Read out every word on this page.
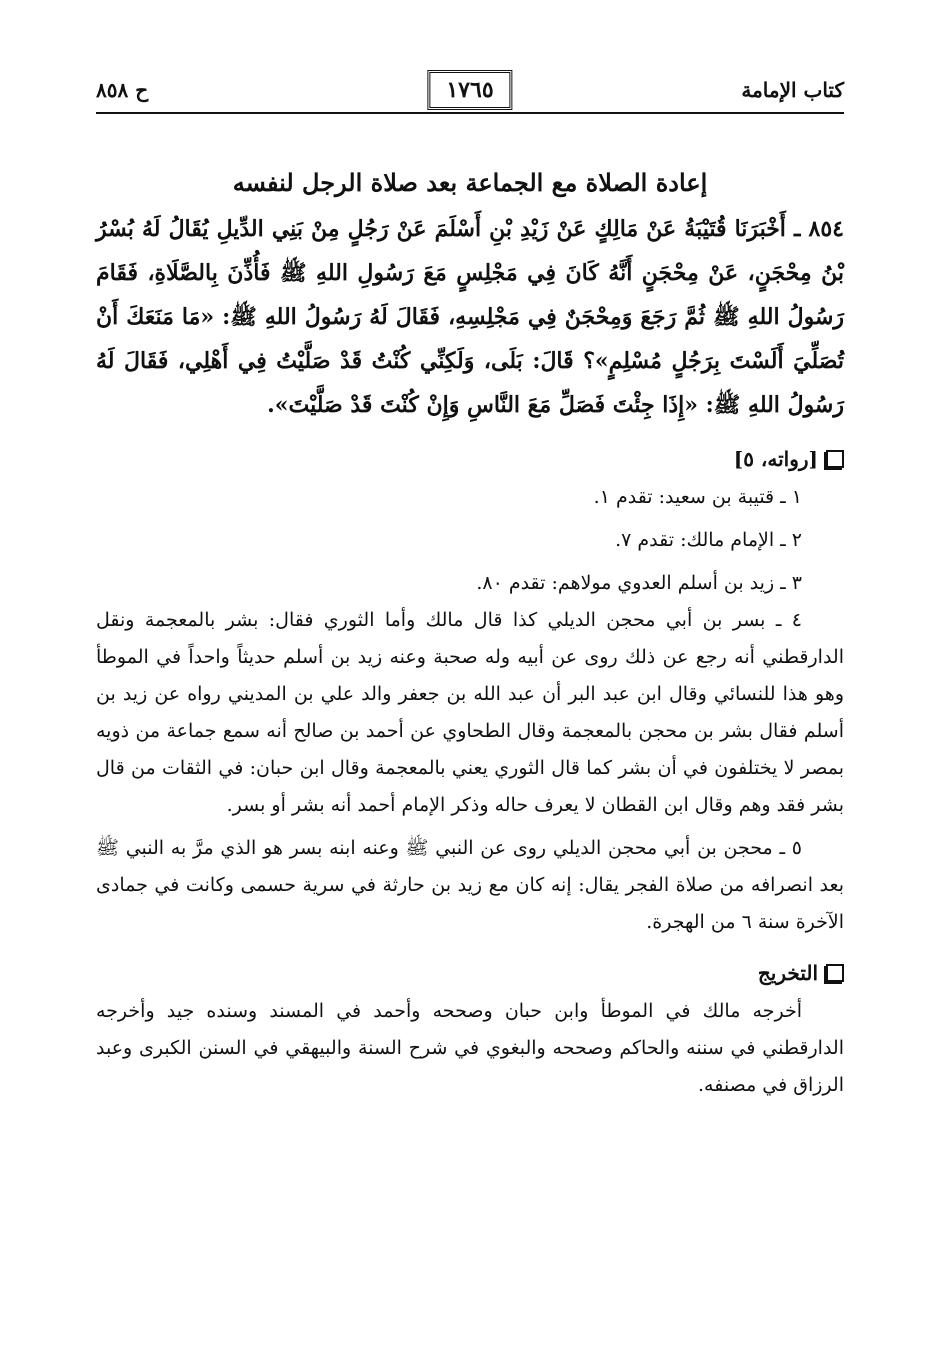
كتاب الإمامة
١٧٦٥
ح ٨٥٨
إعادة الصلاة مع الجماعة بعد صلاة الرجل لنفسه

٨٥٤ ـ أَخْبَرَنَا قُتَيْبَةُ عَنْ مَالِكٍ عَنْ زَيْدِ بْنِ أَسْلَمَ عَنْ رَجُلٍ مِنْ بَنِي الدِّيلِ يُقَالُ لَهُ بُسْرُ بْنُ مِحْجَنٍ، عَنْ مِحْجَنٍ أَنَّهُ كَانَ فِي مَجْلِسٍ مَعَ رَسُولِ اللهِ ﷺ فَأُذِّنَ بِالصَّلَاةِ، فَقَامَ رَسُولُ اللهِ ﷺ ثُمَّ رَجَعَ وَمِحْجَنٌ فِي مَجْلِسِهِ، فَقَالَ لَهُ رَسُولُ اللهِ ﷺ: «مَا مَنَعَكَ أَنْ تُصَلِّيَ أَلَسْتَ بِرَجُلٍ مُسْلِمٍ»؟ قَالَ: بَلَى، وَلَكِنِّي كُنْتُ قَدْ صَلَّيْتُ فِي أَهْلِي، فَقَالَ لَهُ رَسُولُ اللهِ ﷺ: «إِذَا جِئْتَ فَصَلِّ مَعَ النَّاسِ وَإِنْ كُنْتَ قَدْ صَلَّيْتَ».

[رواته، ٥]

١ ـ قتيبة بن سعيد: تقدم ١.

٢ ـ الإمام مالك: تقدم ٧.

٣ ـ زيد بن أسلم العدوي مولاهم: تقدم ٨٠.

٤ ـ بسر بن أبي محجن الديلي كذا قال مالك وأما الثوري فقال: بشر بالمعجمة ونقل الدارقطني أنه رجع عن ذلك روى عن أبيه وله صحبة وعنه زيد بن أسلم حديثاً واحداً في الموطأ وهو هذا للنسائي وقال ابن عبد البر أن عبد الله بن جعفر والد علي بن المديني رواه عن زيد بن أسلم فقال بشر بن محجن بالمعجمة وقال الطحاوي عن أحمد بن صالح أنه سمع جماعة من ذويه بمصر لا يختلفون في أن بشر كما قال الثوري يعني بالمعجمة وقال ابن حبان: في الثقات من قال بشر فقد وهم وقال ابن القطان لا يعرف حاله وذكر الإمام أحمد أنه بشر أو بسر.

٥ ـ محجن بن أبي محجن الديلي روى عن النبي ﷺ وعنه ابنه بسر هو الذي مرَّ به النبي ﷺ بعد انصرافه من صلاة الفجر يقال: إنه كان مع زيد بن حارثة في سرية حسمى وكانت في جمادى الآخرة سنة ٦ من الهجرة.

التخريج

أخرجه مالك في الموطأ وابن حبان وصححه وأحمد في المسند وسنده جيد وأخرجه الدارقطني في سننه والحاكم وصححه والبغوي في شرح السنة والبيهقي في السنن الكبرى وعبد الرزاق في مصنفه.
